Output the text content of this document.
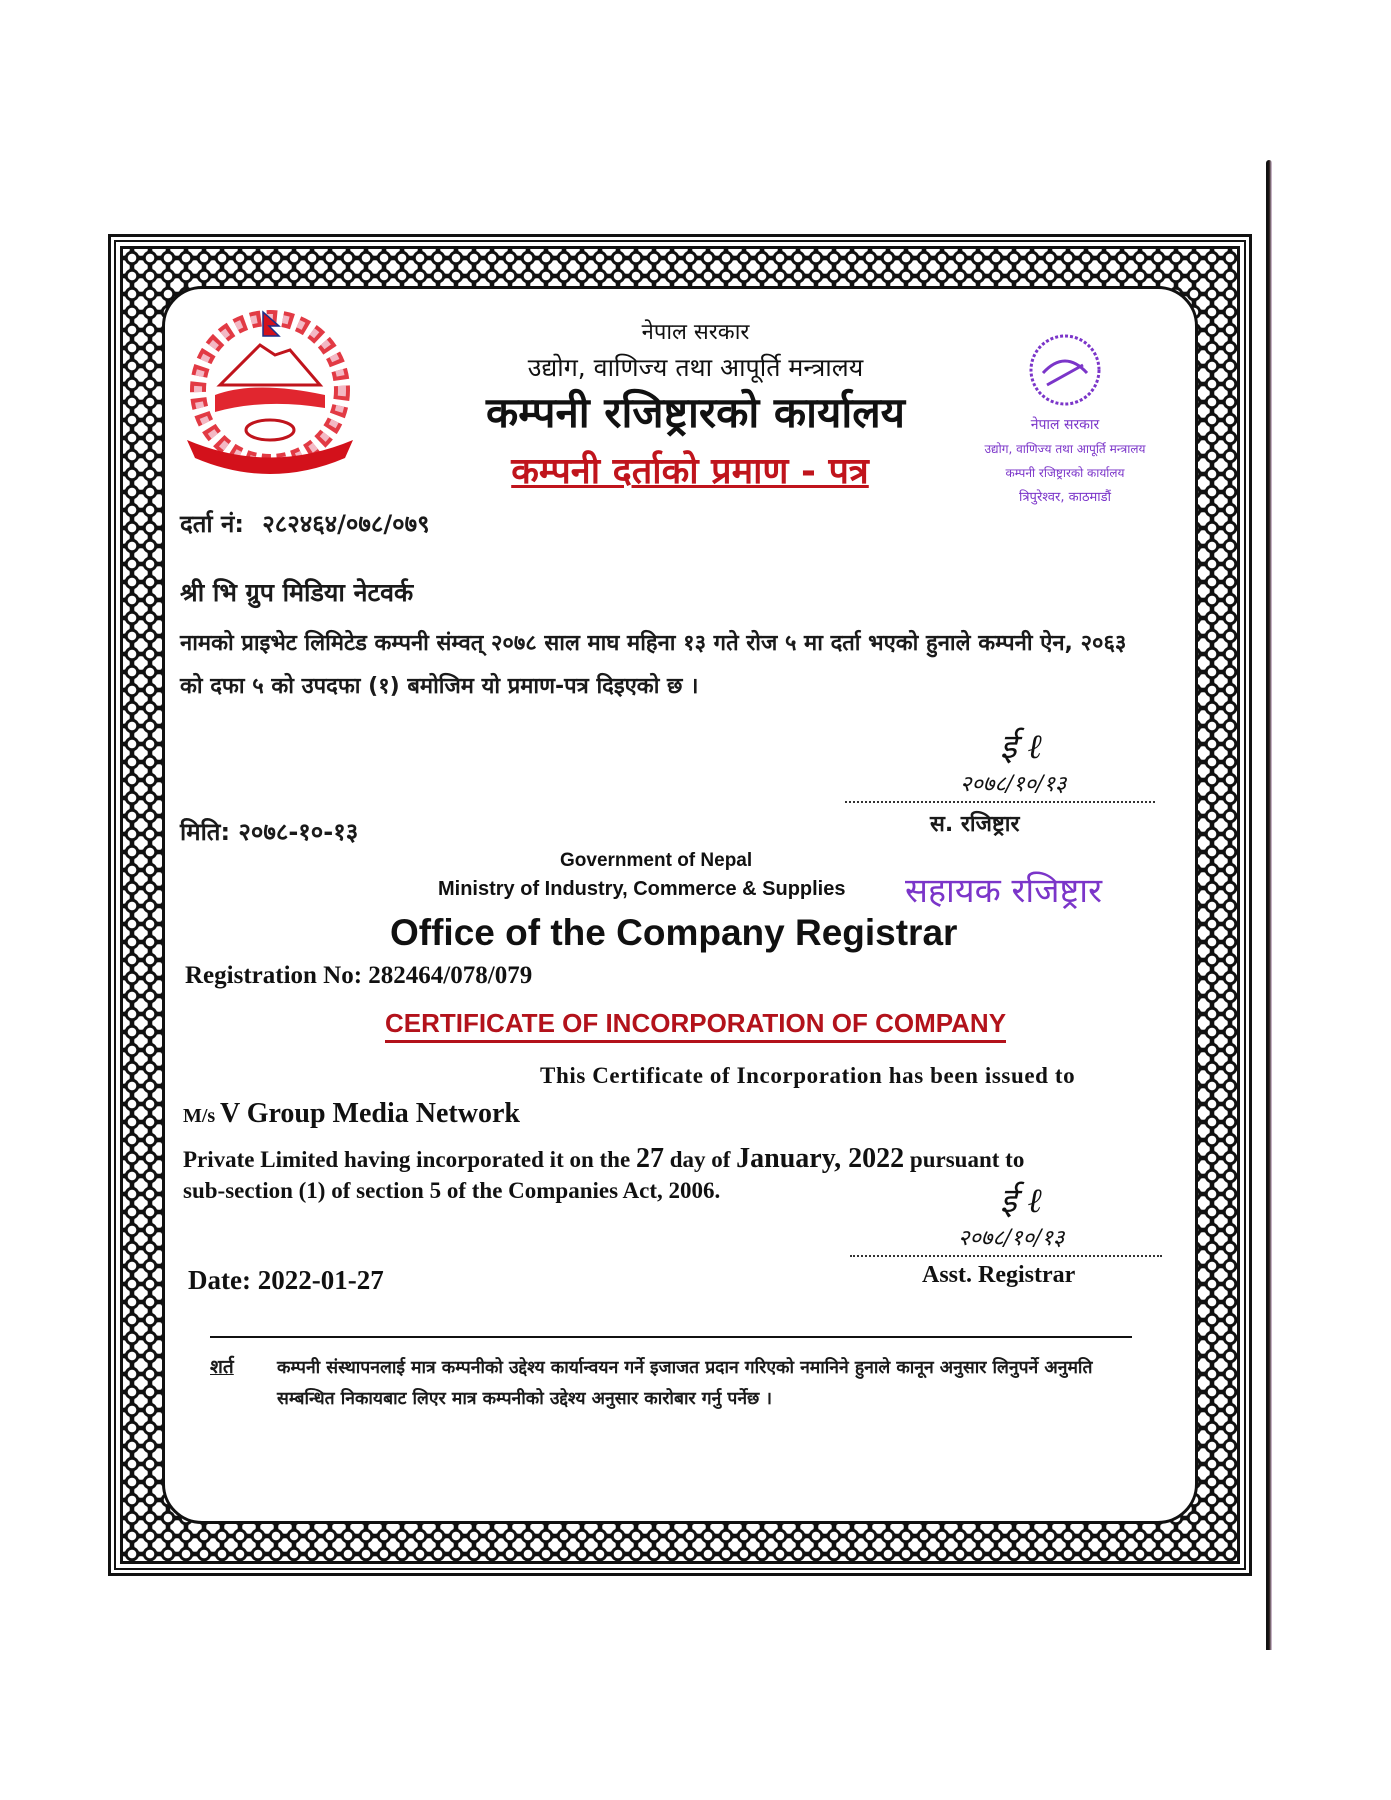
नेपाल सरकार
उद्योग, वाणिज्य तथा आपूर्ति मन्त्रालय
कम्पनी रजिष्ट्रारको कार्यालय
त्रिपुरेश्वर, काठमाडौं
नेपाल सरकार
उद्योग, वाणिज्य तथा आपूर्ति मन्त्रालय
कम्पनी रजिष्ट्रारको कार्यालय
कम्पनी दर्ताको प्रमाण - पत्र
दर्ता नं: २८२४६४/०७८/०७९
श्री भि ग्रुप मिडिया नेटवर्क
नामको प्राइभेट लिमिटेड कम्पनी संम्वत् २०७८ साल माघ महिना १३ गते रोज ५ मा दर्ता भएको हुनाले कम्पनी ऐन, २०६३ को दफा ५ को उपदफा (१) बमोजिम यो प्रमाण-पत्र दिइएको छ ।
मिति: २०७८-१०-१३
ई ℓ
२०७८/१०/१३
स. रजिष्ट्रार
सहायक रजिष्ट्रार
Government of Nepal
Ministry of Industry, Commerce & Supplies
Office of the Company Registrar
Registration No: 282464/078/079
CERTIFICATE OF INCORPORATION OF COMPANY
This Certificate of Incorporation has been issued to
M/s V Group Media Network
Private Limited having incorporated it on the 27 day of January, 2022 pursuant to
sub-section (1) of section 5 of the Companies Act, 2006.	ई ℓ
२०७८/१०/१३
Asst. Registrar
Date: 2022-01-27
शर्त कम्पनी संस्थापनलाई मात्र कम्पनीको उद्देश्य कार्यान्वयन गर्ने इजाजत प्रदान गरिएको नमानिने हुनाले कानून अनुसार लिनुपर्ने अनुमति सम्बन्धित निकायबाट लिएर मात्र कम्पनीको उद्देश्य अनुसार कारोबार गर्नु पर्नेछ ।
